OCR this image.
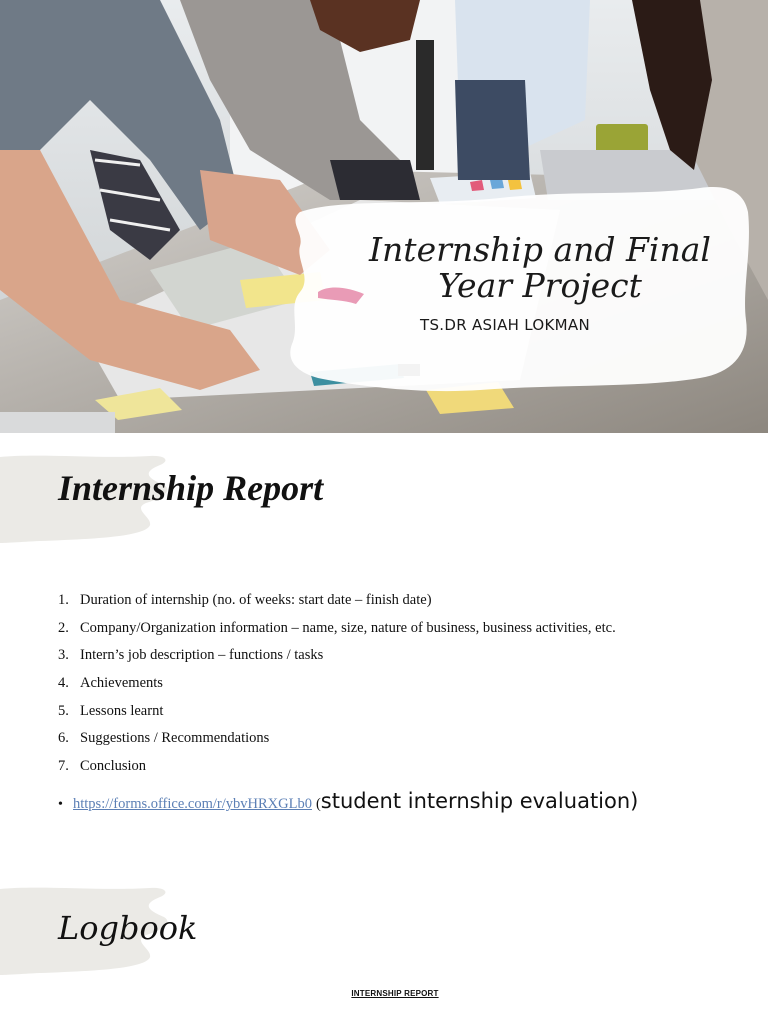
Internship and Final Year Project
TS.DR ASIAH LOKMAN
Internship Report
1. Duration of internship (no. of weeks: start date – finish date)
2. Company/Organization information – name, size, nature of business, business activities, etc.
3. Intern’s job description – functions / tasks
4. Achievements
5. Lessons learnt
6. Suggestions / Recommendations
7. Conclusion
• https://forms.office.com/r/ybvHRXGLb0 ( student internship evaluation)
Logbook
INTERNSHIP REPORT
